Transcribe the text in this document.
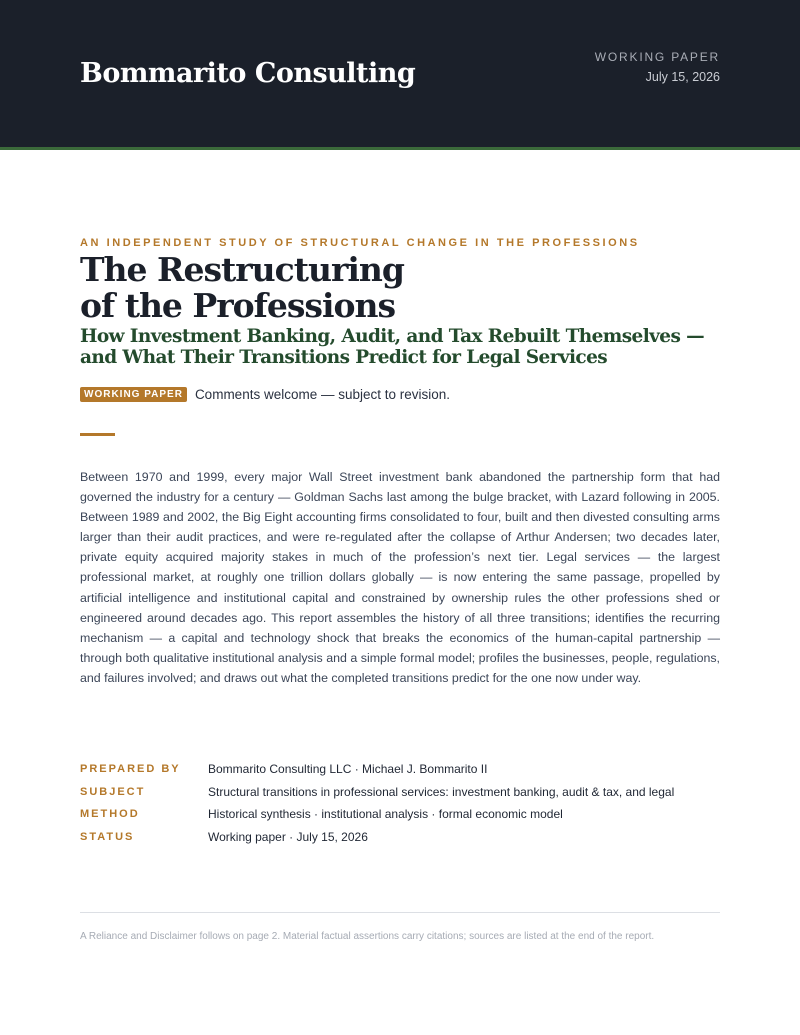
Bommarito Consulting
WORKING PAPER
July 15, 2026
AN INDEPENDENT STUDY OF STRUCTURAL CHANGE IN THE PROFESSIONS
The Restructuring
of the Professions
How Investment Banking, Audit, and Tax Rebuilt Themselves —
and What Their Transitions Predict for Legal Services
WORKING PAPER Comments welcome — subject to revision.

Between 1970 and 1999, every major Wall Street investment bank abandoned the partnership form that had governed the industry for a century — Goldman Sachs last among the bulge bracket, with Lazard following in 2005. Between 1989 and 2002, the Big Eight accounting firms consolidated to four, built and then divested consulting arms larger than their audit practices, and were re-regulated after the collapse of Arthur Andersen; two decades later, private equity acquired majority stakes in much of the profession’s next tier. Legal services — the largest professional market, at roughly one trillion dollars globally — is now entering the same passage, propelled by artificial intelligence and institutional capital and constrained by ownership rules the other professions shed or engineered around decades ago. This report assembles the history of all three transitions; identifies the recurring mechanism — a capital and technology shock that breaks the economics of the human-capital partnership — through both qualitative institutional analysis and a simple formal model; profiles the businesses, people, regulations, and failures involved; and draws out what the completed transitions predict for the one now under way.

PREPARED BY	Bommarito Consulting LLC · Michael J. Bommarito II
SUBJECT	Structural transitions in professional services: investment banking, audit & tax, and legal
METHOD	Historical synthesis · institutional analysis · formal economic model
STATUS	Working paper · July 15, 2026
A Reliance and Disclaimer follows on page 2. Material factual assertions carry citations; sources are listed at the end of the report.
